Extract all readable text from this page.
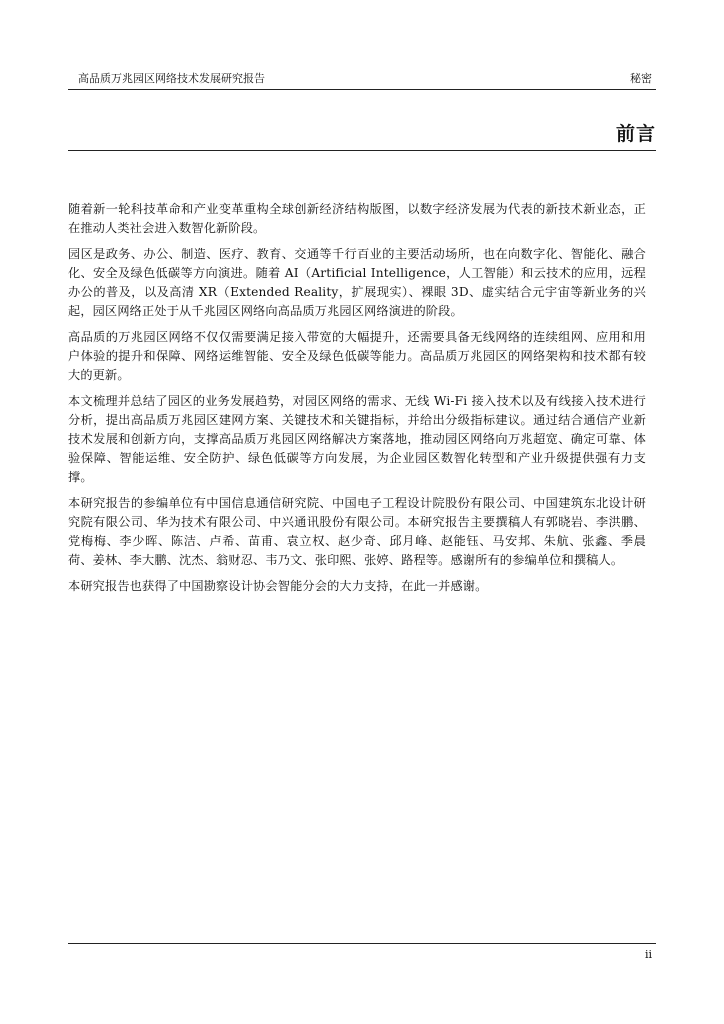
高品质万兆园区网络技术发展研究报告	秘密
前言

随着新一轮科技革命和产业变革重构全球创新经济结构版图，以数字经济发展为代表的新技术新业态，正在推动人类社会进入数智化新阶段。

园区是政务、办公、制造、医疗、教育、交通等千行百业的主要活动场所，也在向数字化、智能化、融合化、安全及绿色低碳等方向演进。随着 AI（Artificial Intelligence，人工智能）和云技术的应用，远程办公的普及，以及高清 XR（Extended Reality，扩展现实）、裸眼 3D、虚实结合元宇宙等新业务的兴起，园区网络正处于从千兆园区网络向高品质万兆园区网络演进的阶段。

高品质的万兆园区网络不仅仅需要满足接入带宽的大幅提升，还需要具备无线网络的连续组网、应用和用户体验的提升和保障、网络运维智能、安全及绿色低碳等能力。高品质万兆园区的网络架构和技术都有较大的更新。

本文梳理并总结了园区的业务发展趋势，对园区网络的需求、无线 Wi-Fi 接入技术以及有线接入技术进行分析，提出高品质万兆园区建网方案、关键技术和关键指标，并给出分级指标建议。通过结合通信产业新技术发展和创新方向，支撑高品质万兆园区网络解决方案落地，推动园区网络向万兆超宽、确定可靠、体验保障、智能运维、安全防护、绿色低碳等方向发展，为企业园区数智化转型和产业升级提供强有力支撑。

本研究报告的参编单位有中国信息通信研究院、中国电子工程设计院股份有限公司、中国建筑东北设计研究院有限公司、华为技术有限公司、中兴通讯股份有限公司。本研究报告主要撰稿人有郭晓岩、李洪鹏、党梅梅、李少晖、陈洁、卢希、苗甫、袁立权、赵少奇、邱月峰、赵能钰、马安邦、朱航、张鑫、季晨荷、姜林、李大鹏、沈杰、翁财忍、韦乃文、张印熙、张婷、路程等。感谢所有的参编单位和撰稿人。

本研究报告也获得了中国勘察设计协会智能分会的大力支持，在此一并感谢。

ii
